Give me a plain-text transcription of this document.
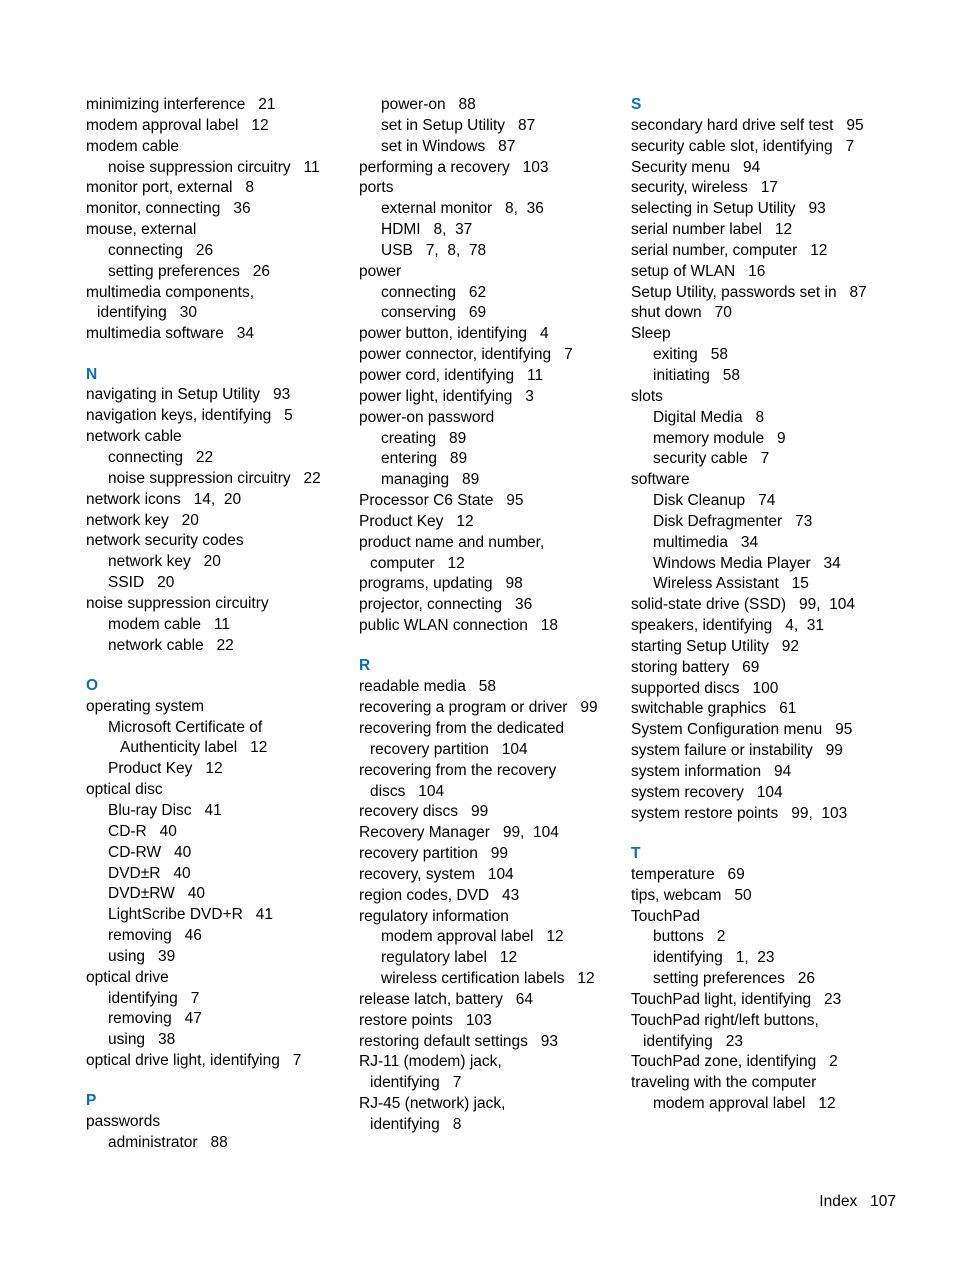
minimizing interference   21
modem approval label   12
modem cable
noise suppression circuitry   11
monitor port, external   8
monitor, connecting   36
mouse, external
connecting   26
setting preferences   26
multimedia components,
identifying   30
multimedia software   34
N
navigating in Setup Utility   93
navigation keys, identifying   5
network cable
connecting   22
noise suppression circuitry   22
network icons   14,  20
network key   20
network security codes
network key   20
SSID   20
noise suppression circuitry
modem cable   11
network cable   22
O
operating system
Microsoft Certificate of
Authenticity label   12
Product Key   12
optical disc
Blu-ray Disc   41
CD-R   40
CD-RW   40
DVD±R   40
DVD±RW   40
LightScribe DVD+R   41
removing   46
using   39
optical drive
identifying   7
removing   47
using   38
optical drive light, identifying   7
P
passwords
administrator   88
power-on   88
set in Setup Utility   87
set in Windows   87
performing a recovery   103
ports
external monitor   8,  36
HDMI   8,  37
USB   7,  8,  78
power
connecting   62
conserving   69
power button, identifying   4
power connector, identifying   7
power cord, identifying   11
power light, identifying   3
power-on password
creating   89
entering   89
managing   89
Processor C6 State   95
Product Key   12
product name and number,
computer   12
programs, updating   98
projector, connecting   36
public WLAN connection   18
R
readable media   58
recovering a program or driver   99
recovering from the dedicated
recovery partition   104
recovering from the recovery
discs   104
recovery discs   99
Recovery Manager   99,  104
recovery partition   99
recovery, system   104
region codes, DVD   43
regulatory information
modem approval label   12
regulatory label   12
wireless certification labels   12
release latch, battery   64
restore points   103
restoring default settings   93
RJ-11 (modem) jack,
identifying   7
RJ-45 (network) jack,
identifying   8
S
secondary hard drive self test   95
security cable slot, identifying   7
Security menu   94
security, wireless   17
selecting in Setup Utility   93
serial number label   12
serial number, computer   12
setup of WLAN   16
Setup Utility, passwords set in   87
shut down   70
Sleep
exiting   58
initiating   58
slots
Digital Media   8
memory module   9
security cable   7
software
Disk Cleanup   74
Disk Defragmenter   73
multimedia   34
Windows Media Player   34
Wireless Assistant   15
solid-state drive (SSD)   99,  104
speakers, identifying   4,  31
starting Setup Utility   92
storing battery   69
supported discs   100
switchable graphics   61
System Configuration menu   95
system failure or instability   99
system information   94
system recovery   104
system restore points   99,  103
T
temperature   69
tips, webcam   50
TouchPad
buttons   2
identifying   1,  23
setting preferences   26
TouchPad light, identifying   23
TouchPad right/left buttons,
identifying   23
TouchPad zone, identifying   2
traveling with the computer
modem approval label   12
Index   107
